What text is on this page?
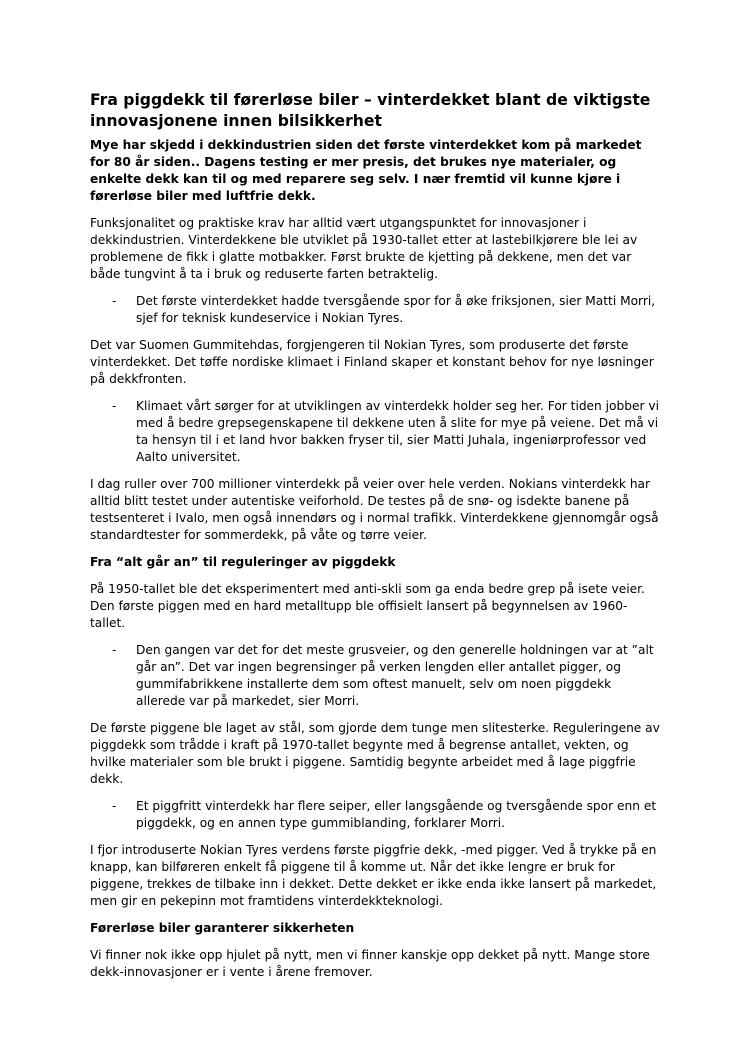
Fra piggdekk til førerløse biler – vinterdekket blant de viktigste innovasjonene innen bilsikkerhet

Mye har skjedd i dekkindustrien siden det første vinterdekket kom på markedet for 80 år siden.. Dagens testing er mer presis, det brukes nye materialer, og enkelte dekk kan til og med reparere seg selv. I nær fremtid vil kunne kjøre i førerløse biler med luftfrie dekk.

Funksjonalitet og praktiske krav har alltid vært utgangspunktet for innovasjoner i dekkindustrien. Vinterdekkene ble utviklet på 1930-tallet etter at lastebilkjørere ble lei av problemene de fikk i glatte motbakker. Først brukte de kjetting på dekkene, men det var både tungvint å ta i bruk og reduserte farten betraktelig.

- Det første vinterdekket hadde tversgående spor for å øke friksjonen, sier Matti Morri, sjef for teknisk kundeservice i Nokian Tyres.

Det var Suomen Gummitehdas, forgjengeren til Nokian Tyres, som produserte det første vinterdekket. Det tøffe nordiske klimaet i Finland skaper et konstant behov for nye løsninger på dekkfronten.

- Klimaet vårt sørger for at utviklingen av vinterdekk holder seg her. For tiden jobber vi med å bedre grepsegenskapene til dekkene uten å slite for mye på veiene. Det må vi ta hensyn til i et land hvor bakken fryser til, sier Matti Juhala, ingeniørprofessor ved Aalto universitet.

I dag ruller over 700 millioner vinterdekk på veier over hele verden. Nokians vinterdekk har alltid blitt testet under autentiske veiforhold. De testes på de snø- og isdekte banene på testsenteret i Ivalo, men også innendørs og i normal trafikk. Vinterdekkene gjennomgår også standardtester for sommerdekk, på våte og tørre veier.

Fra “alt går an” til reguleringer av piggdekk

På 1950-tallet ble det eksperimentert med anti-skli som ga enda bedre grep på isete veier. Den første piggen med en hard metalltupp ble offisielt lansert på begynnelsen av 1960-tallet.

- Den gangen var det for det meste grusveier, og den generelle holdningen var at ”alt går an”. Det var ingen begrensinger på verken lengden eller antallet pigger, og gummifabrikkene installerte dem som oftest manuelt, selv om noen piggdekk allerede var på markedet, sier Morri.

De første piggene ble laget av stål, som gjorde dem tunge men slitesterke. Reguleringene av piggdekk som trådde i kraft på 1970-tallet begynte med å begrense antallet, vekten, og hvilke materialer som ble brukt i piggene. Samtidig begynte arbeidet med å lage piggfrie dekk.

- Et piggfritt vinterdekk har flere seiper, eller langsgående og tversgående spor enn et piggdekk, og en annen type gummiblanding, forklarer Morri.

I fjor introduserte Nokian Tyres verdens første piggfrie dekk, -med pigger. Ved å trykke på en knapp, kan bilføreren enkelt få piggene til å komme ut. Når det ikke lengre er bruk for piggene, trekkes de tilbake inn i dekket. Dette dekket er ikke enda ikke lansert på markedet, men gir en pekepinn mot framtidens vinterdekkteknologi.

Førerløse biler garanterer sikkerheten

Vi finner nok ikke opp hjulet på nytt, men vi finner kanskje opp dekket på nytt. Mange store dekk-innovasjoner er i vente i årene fremover.
